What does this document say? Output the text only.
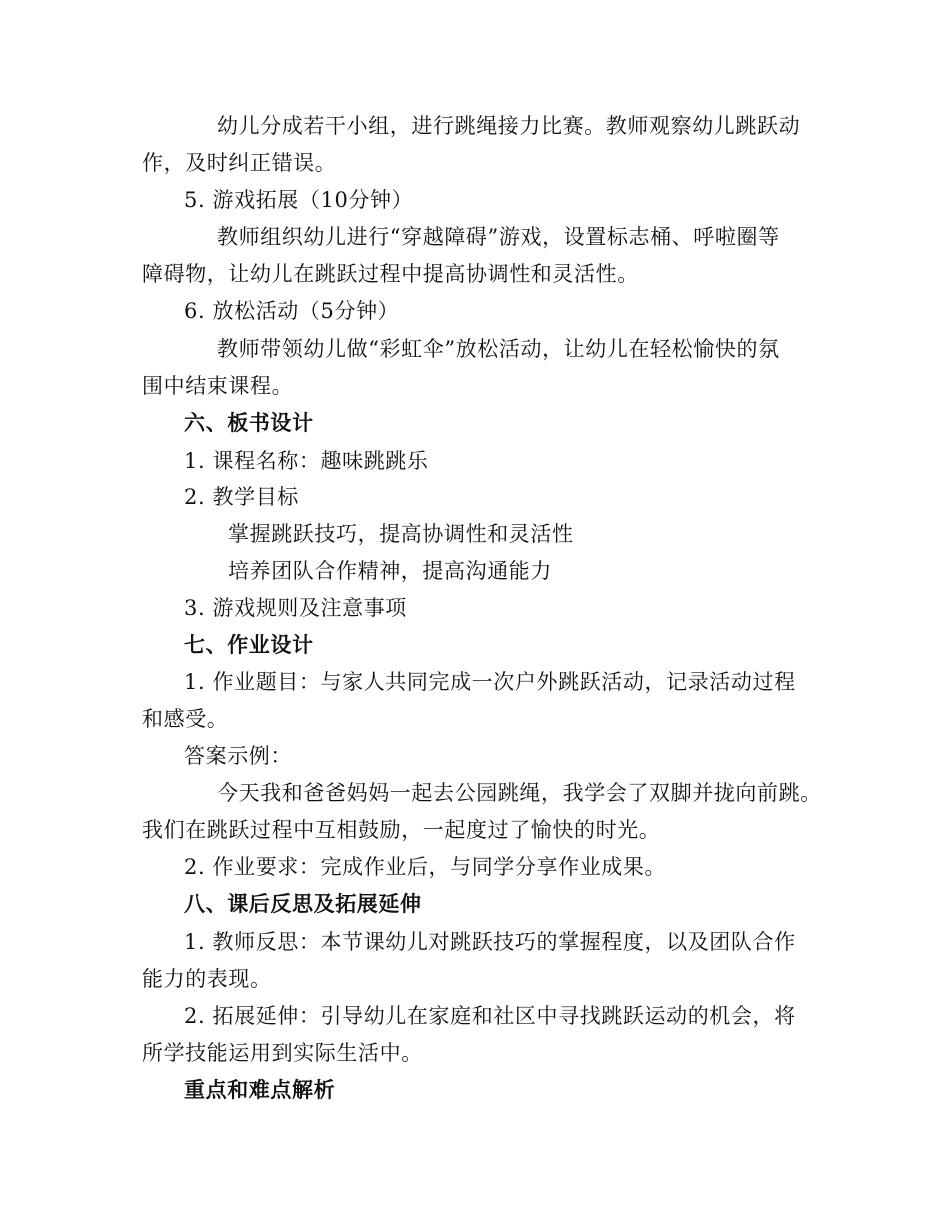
幼儿分成若干小组，进行跳绳接力比赛。教师观察幼儿跳跃动
作，及时纠正错误。
5. 游戏拓展（10分钟）
教师组织幼儿进行“穿越障碍”游戏，设置标志桶、呼啦圈等
障碍物，让幼儿在跳跃过程中提高协调性和灵活性。
6. 放松活动（5分钟）
教师带领幼儿做“彩虹伞”放松活动，让幼儿在轻松愉快的氛
围中结束课程。
六、板书设计
1. 课程名称：趣味跳跳乐
2. 教学目标
掌握跳跃技巧，提高协调性和灵活性
培养团队合作精神，提高沟通能力
3. 游戏规则及注意事项
七、作业设计
1. 作业题目：与家人共同完成一次户外跳跃活动，记录活动过程
和感受。
答案示例：
今天我和爸爸妈妈一起去公园跳绳，我学会了双脚并拢向前跳。
我们在跳跃过程中互相鼓励，一起度过了愉快的时光。
2. 作业要求：完成作业后，与同学分享作业成果。
八、课后反思及拓展延伸
1. 教师反思：本节课幼儿对跳跃技巧的掌握程度，以及团队合作
能力的表现。
2. 拓展延伸：引导幼儿在家庭和社区中寻找跳跃运动的机会，将
所学技能运用到实际生活中。
重点和难点解析
